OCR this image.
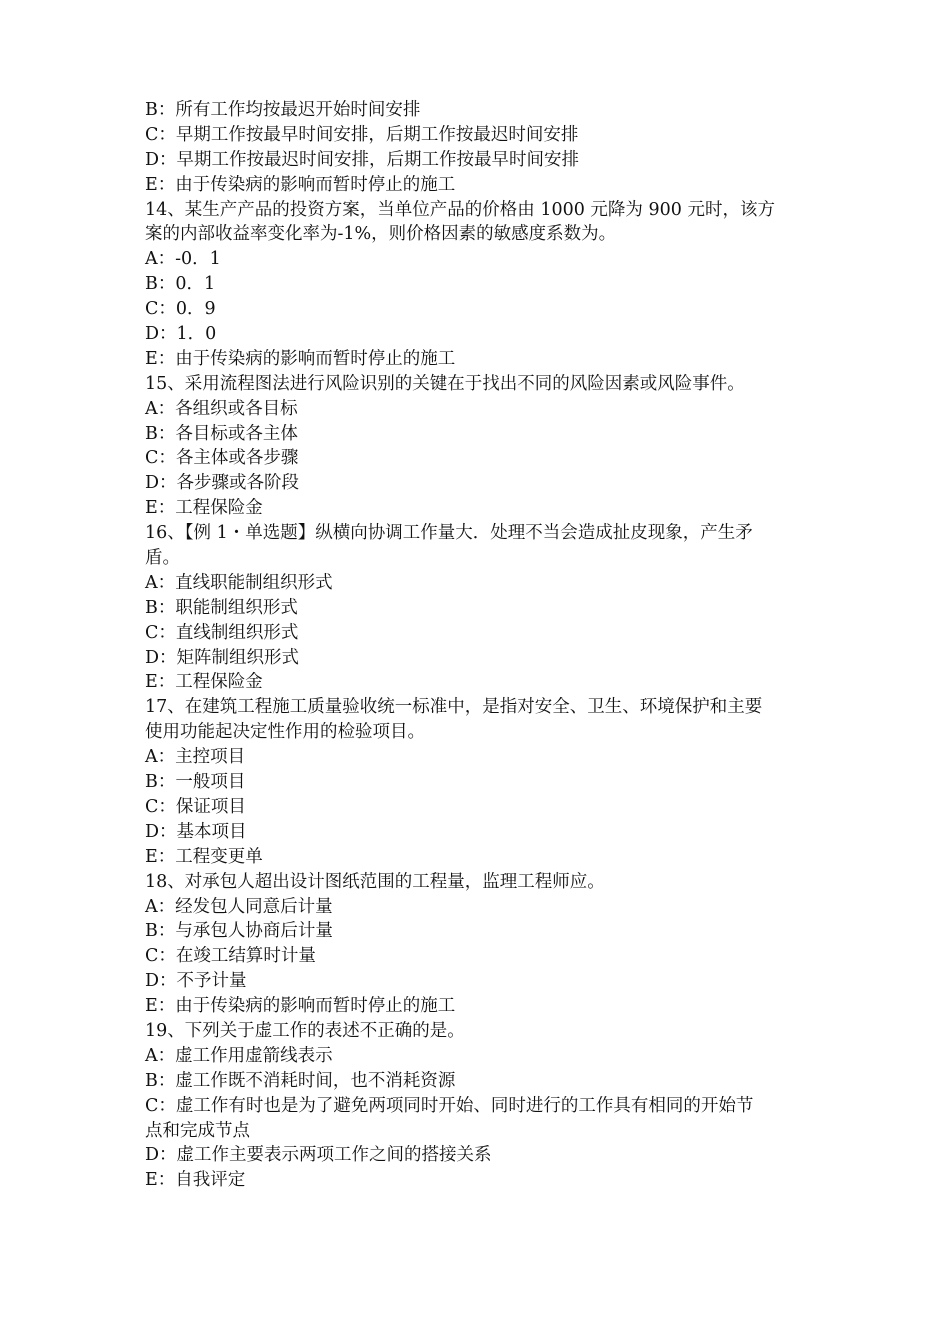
B：所有工作均按最迟开始时间安排
C：早期工作按最早时间安排，后期工作按最迟时间安排
D：早期工作按最迟时间安排，后期工作按最早时间安排
E：由于传染病的影响而暂时停止的施工
14、某生产产品的投资方案，当单位产品的价格由 1000 元降为 900 元时，该方
案的内部收益率变化率为-1%，则价格因素的敏感度系数为。
A：-0．1
B：0．1
C：0．9
D：1．0
E：由于传染病的影响而暂时停止的施工
15、采用流程图法进行风险识别的关键在于找出不同的风险因素或风险事件。
A：各组织或各目标
B：各目标或各主体
C：各主体或各步骤
D：各步骤或各阶段
E：工程保险金
16、【例 1・单选题】纵横向协调工作量大．处理不当会造成扯皮现象，产生矛
盾。
A：直线职能制组织形式
B：职能制组织形式
C：直线制组织形式
D：矩阵制组织形式
E：工程保险金
17、在建筑工程施工质量验收统一标准中，是指对安全、卫生、环境保护和主要
使用功能起决定性作用的检验项目。
A：主控项目
B：一般项目
C：保证项目
D：基本项目
E：工程变更单
18、对承包人超出设计图纸范围的工程量，监理工程师应。
A：经发包人同意后计量
B：与承包人协商后计量
C：在竣工结算时计量
D：不予计量
E：由于传染病的影响而暂时停止的施工
19、下列关于虚工作的表述不正确的是。
A：虚工作用虚箭线表示
B：虚工作既不消耗时间，也不消耗资源
C：虚工作有时也是为了避免两项同时开始、同时进行的工作具有相同的开始节
点和完成节点
D：虚工作主要表示两项工作之间的搭接关系
E：自我评定
